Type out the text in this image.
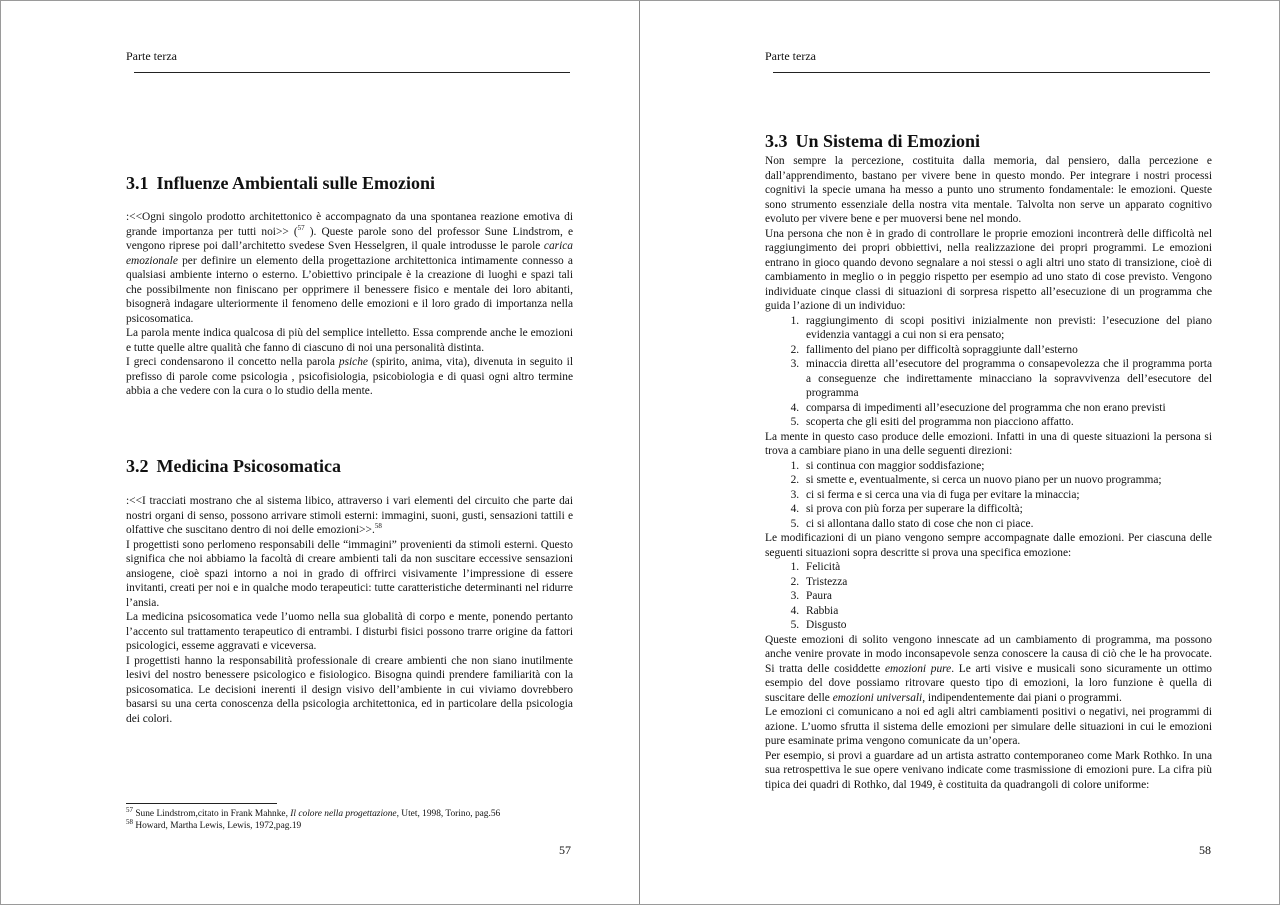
Parte terza
3.1 Influenze Ambientali sulle Emozioni

:<<Ogni singolo prodotto architettonico è accompagnato da una spontanea reazione emotiva di grande importanza per tutti noi>> ($^{57}$ ). Queste parole sono del professor Sune Lindstrom, e vengono riprese poi dall’architetto svedese Sven Hesselgren, il quale introdusse le parole carica emozionale per definire un elemento della progettazione architettonica intimamente connesso a qualsiasi ambiente interno o esterno. L’obiettivo principale è la creazione di luoghi e spazi tali che possibilmente non finiscano per opprimere il benessere fisico e mentale dei loro abitanti, bisognerà indagare ulteriormente il fenomeno delle emozioni e il loro grado di importanza nella psicosomatica.

La parola mente indica qualcosa di più del semplice intelletto. Essa comprende anche le emozioni e tutte quelle altre qualità che fanno di ciascuno di noi una personalità distinta.

I greci condensarono il concetto nella parola psiche (spirito, anima, vita), divenuta in seguito il prefisso di parole come psicologia , psicofisiologia, psicobiologia e di quasi ogni altro termine abbia a che vedere con la cura o lo studio della mente.

3.2 Medicina Psicosomatica

:<<I tracciati mostrano che al sistema libico, attraverso i vari elementi del circuito che parte dai nostri organi di senso, possono arrivare stimoli esterni: immagini, suoni, gusti, sensazioni tattili e olfattive che suscitano dentro di noi delle emozioni>>.$^{58}$

I progettisti sono perlomeno responsabili delle “immagini” provenienti da stimoli esterni. Questo significa che noi abbiamo la facoltà di creare ambienti tali da non suscitare eccessive sensazioni ansiogene, cioè spazi intorno a noi in grado di offrirci visivamente l’impressione di essere invitanti, creati per noi e in qualche modo terapeutici: tutte caratteristiche determinanti nel ridurre l’ansia.

La medicina psicosomatica vede l’uomo nella sua globalità di corpo e mente, ponendo pertanto l’accento sul trattamento terapeutico di entrambi. I disturbi fisici possono trarre origine da fattori psicologici, esseme aggravati e viceversa.

I progettisti hanno la responsabilità professionale di creare ambienti che non siano inutilmente lesivi del nostro benessere psicologico e fisiologico. Bisogna quindi prendere familiarità con la psicosomatica. Le decisioni inerenti il design visivo dell’ambiente in cui viviamo dovrebbero basarsi su una certa conoscenza della psicologia architettonica, ed in particolare della psicologia dei colori.

$^{57}$ Sune Lindstrom,citato in Frank Mahnke, Il colore nella progettazione, Utet, 1998, Torino, pag.56
$^{58}$ Howard, Martha Lewis, Lewis, 1972,pag.19
57
Parte terza
3.3 Un Sistema di Emozioni

Non sempre la percezione, costituita dalla memoria, dal pensiero, dalla percezione e dall’apprendimento, bastano per vivere bene in questo mondo. Per integrare i nostri processi cognitivi la specie umana ha messo a punto uno strumento fondamentale: le emozioni. Queste sono strumento essenziale della nostra vita mentale. Talvolta non serve un apparato cognitivo evoluto per vivere bene e per muoversi bene nel mondo.

Una persona che non è in grado di controllare le proprie emozioni incontrerà delle difficoltà nel raggiungimento dei propri obbiettivi, nella realizzazione dei propri programmi. Le emozioni entrano in gioco quando devono segnalare a noi stessi o agli altri uno stato di transizione, cioè di cambiamento in meglio o in peggio rispetto per esempio ad uno stato di cose previsto. Vengono individuate cinque classi di situazioni di sorpresa rispetto all’esecuzione di un programma che guida l’azione di un individuo:

1. raggiungimento di scopi positivi inizialmente non previsti: l’esecuzione del piano evidenzia vantaggi a cui non si era pensato;
2. fallimento del piano per difficoltà sopraggiunte dall’esterno
3. minaccia diretta all’esecutore del programma o consapevolezza che il programma porta a conseguenze che indirettamente minacciano la sopravvivenza dell’esecutore del programma
4. comparsa di impedimenti all’esecuzione del programma che non erano previsti
5. scoperta che gli esiti del programma non piacciono affatto.

La mente in questo caso produce delle emozioni. Infatti in una di queste situazioni la persona si trova a cambiare piano in una delle seguenti direzioni:

1. si continua con maggior soddisfazione;
2. si smette e, eventualmente, si cerca un nuovo piano per un nuovo programma;
3. ci si ferma e si cerca una via di fuga per evitare la minaccia;
4. si prova con più forza per superare la difficoltà;
5. ci si allontana dallo stato di cose che non ci piace.

Le modificazioni di un piano vengono sempre accompagnate dalle emozioni. Per ciascuna delle seguenti situazioni sopra descritte si prova una specifica emozione:

1. Felicità
2. Tristezza
3. Paura
4. Rabbia
5. Disgusto

Queste emozioni di solito vengono innescate ad un cambiamento di programma, ma possono anche venire provate in modo inconsapevole senza conoscere la causa di ciò che le ha provocate. Si tratta delle cosiddette emozioni pure. Le arti visive e musicali sono sicuramente un ottimo esempio del dove possiamo ritrovare questo tipo di emozioni, la loro funzione è quella di suscitare delle emozioni universali, indipendentemente dai piani o programmi.

Le emozioni ci comunicano a noi ed agli altri cambiamenti positivi o negativi, nei programmi di azione. L’uomo sfrutta il sistema delle emozioni per simulare delle situazioni in cui le emozioni pure esaminate prima vengono comunicate da un’opera.

Per esempio, si provi a guardare ad un artista astratto contemporaneo come Mark Rothko. In una sua retrospettiva le sue opere venivano indicate come trasmissione di emozioni pure. La cifra più tipica dei quadri di Rothko, dal 1949, è costituita da quadrangoli di colore uniforme:

58
